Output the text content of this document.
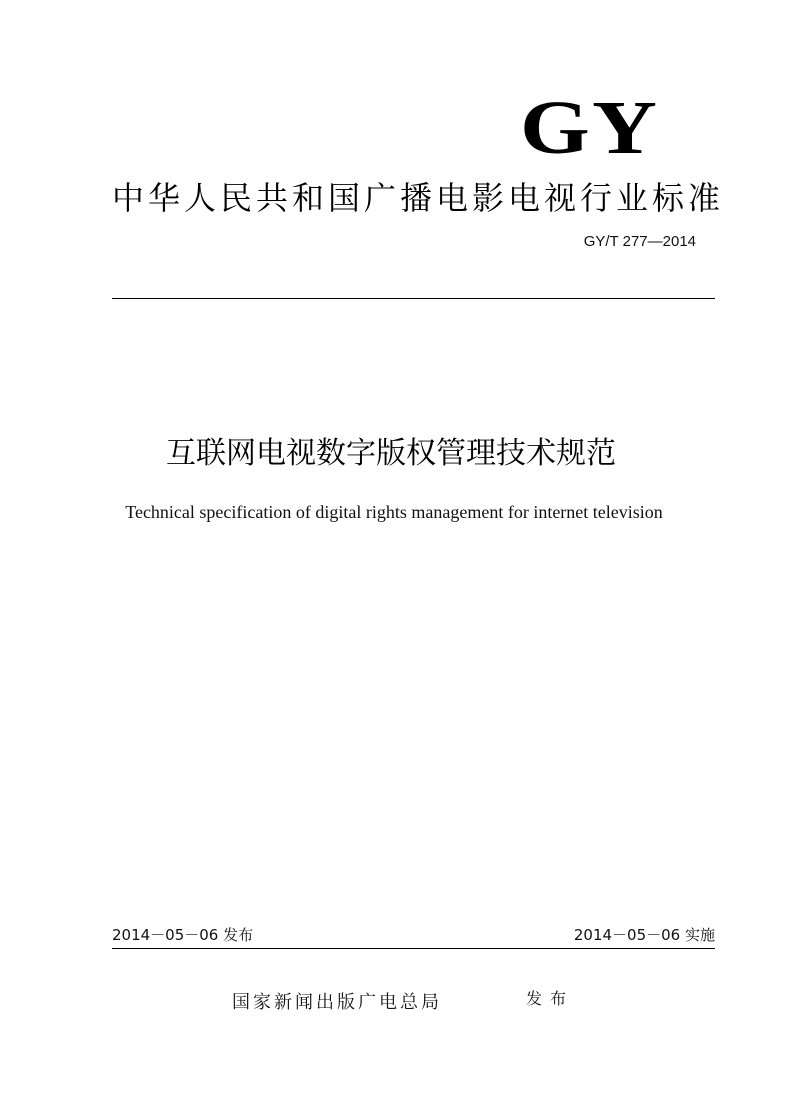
GY
中华人民共和国广播电影电视行业标准
GY/T 277—2014
互联网电视数字版权管理技术规范
Technical specification of digital rights management for internet television
2014－05－06 发布	2014－05－06 实施
国家新闻出版广电总局	发布
